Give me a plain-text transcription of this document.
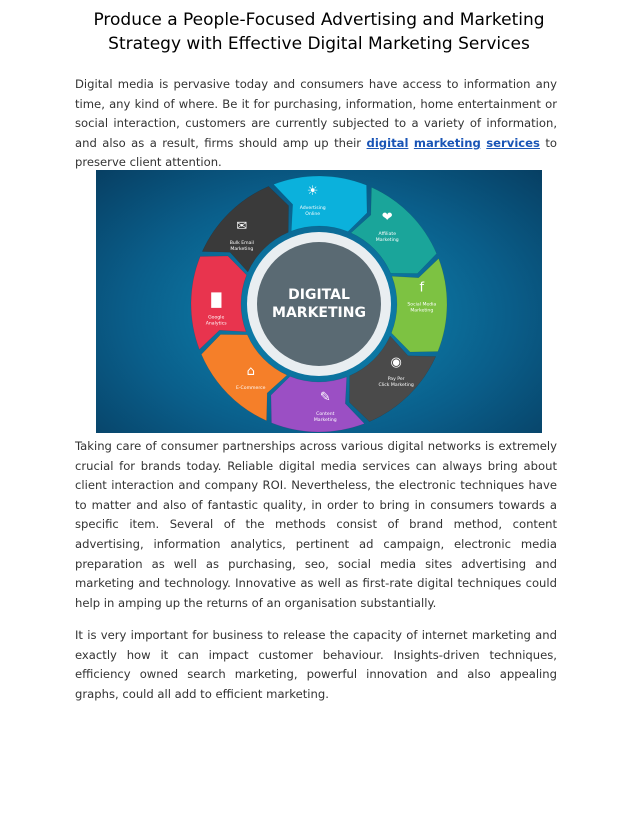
Produce a People-Focused Advertising and Marketing
Strategy with Effective Digital Marketing Services

Digital media is pervasive today and consumers have access to information any time, any kind of where. Be it for purchasing, information, home entertainment or social interaction, customers are currently subjected to a variety of information, and also as a result, firms should amp up their digital marketing services to preserve client attention.

☀
Advertising Online	❤
Affiliate Marketing
f
Social Media Marketing
◉
Pay Per Click Marketing
✎
Content Marketing
⌂
E-Commerce
█
Google Analytics
✉
Bulk Email Marketing
DIGITAL
MARKETING

Taking care of consumer partnerships across various digital networks is extremely crucial for brands today. Reliable digital media services can always bring about client interaction and company ROI. Nevertheless, the electronic techniques have to matter and also of fantastic quality, in order to bring in consumers towards a specific item. Several of the methods consist of brand method, content advertising, information analytics, pertinent ad campaign, electronic media preparation as well as purchasing, seo, social media sites advertising and marketing and technology. Innovative as well as first-rate digital techniques could help in amping up the returns of an organisation substantially.

It is very important for business to release the capacity of internet marketing and exactly how it can impact customer behaviour. Insights-driven techniques, efficiency owned search marketing, powerful innovation and also appealing graphs, could all add to efficient marketing.
